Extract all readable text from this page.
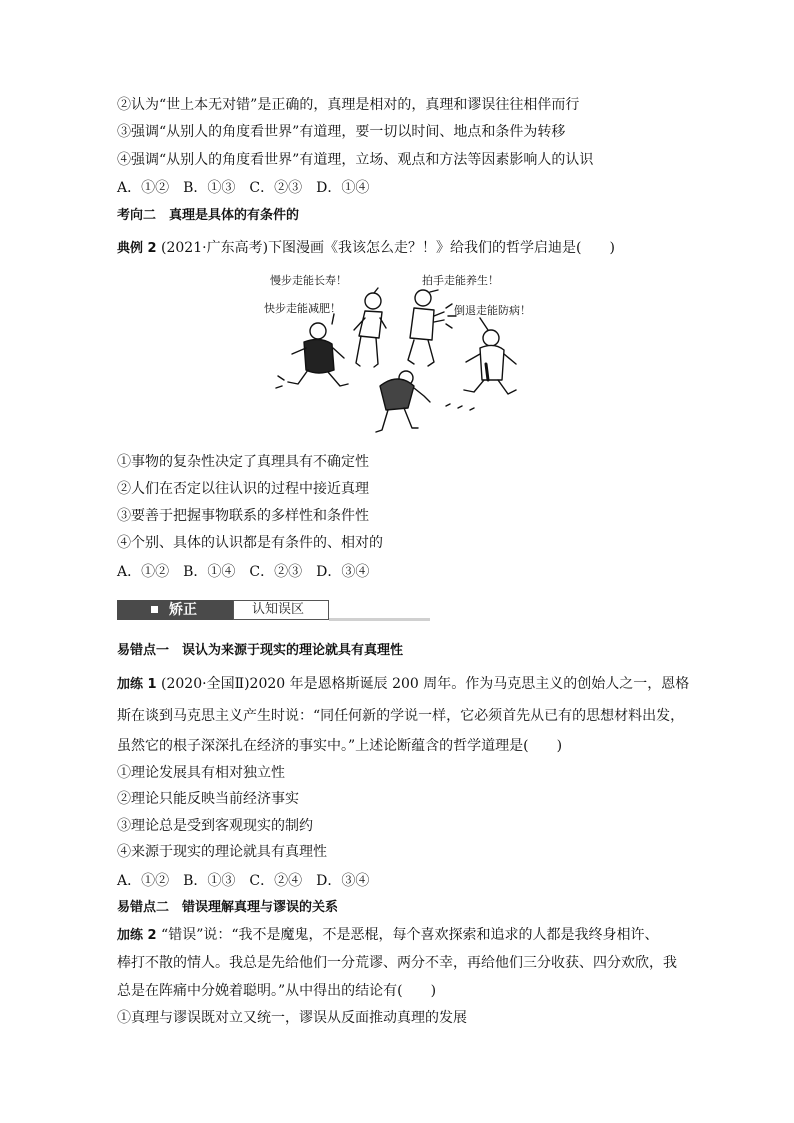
②认为“世上本无对错”是正确的，真理是相对的，真理和谬误往往相伴而行
③强调“从别人的角度看世界”有道理，要一切以时间、地点和条件为转移
④强调“从别人的角度看世界”有道理，立场、观点和方法等因素影响人的认识
A．①②　B．①③　C．②③　D．①④
考向二　真理是具体的有条件的
典例 2 (2021·广东高考)下图漫画《我该怎么走？！》给我们的哲学启迪是(　　)
快步走能减肥！
慢步走能长寿！	拍手走能养生！
倒退走能防病！
①事物的复杂性决定了真理具有不确定性
②人们在否定以往认识的过程中接近真理
③要善于把握事物联系的多样性和条件性
④个别、具体的认识都是有条件的、相对的
A．①②　B．①④　C．②③　D．③④
矫正	认知误区
易错点一　误认为来源于现实的理论就具有真理性
加练 1 (2020·全国Ⅱ)2020 年是恩格斯诞辰 200 周年。作为马克思主义的创始人之一，恩格
斯在谈到马克思主义产生时说：“同任何新的学说一样，它必须首先从已有的思想材料出发，
虽然它的根子深深扎在经济的事实中。”上述论断蕴含的哲学道理是(　　)
①理论发展具有相对独立性
②理论只能反映当前经济事实
③理论总是受到客观现实的制约
④来源于现实的理论就具有真理性
A．①②　B．①③　C．②④　D．③④
易错点二　错误理解真理与谬误的关系
加练 2 “错误”说：“我不是魔鬼，不是恶棍，每个喜欢探索和追求的人都是我终身相许、
棒打不散的情人。我总是先给他们一分荒谬、两分不幸，再给他们三分收获、四分欢欣，我
总是在阵痛中分娩着聪明。”从中得出的结论有(　　)
①真理与谬误既对立又统一，谬误从反面推动真理的发展
